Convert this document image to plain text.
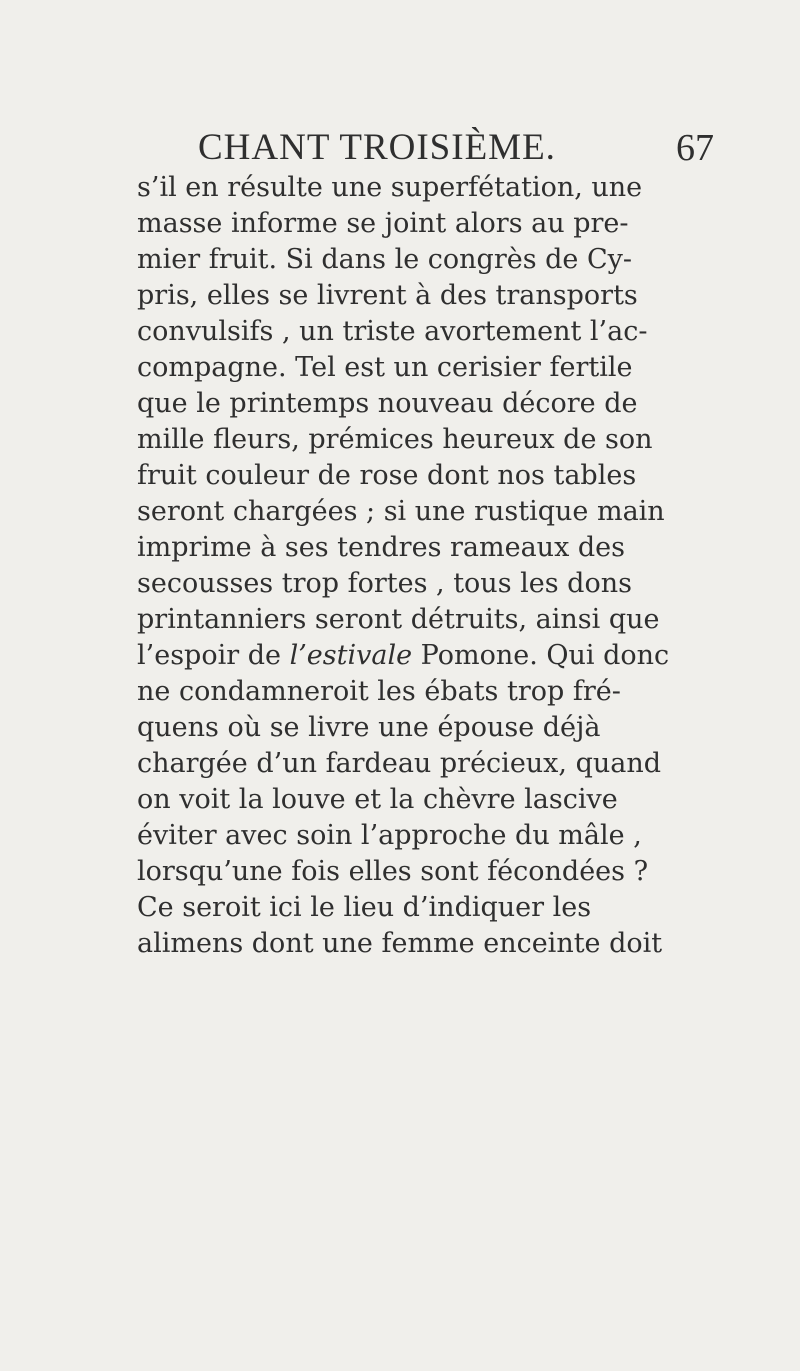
CHANT TROISIÈME.	67
s’il en résulte une superfétation, une
masse informe se joint alors au pre-
mier fruit. Si dans le congrès de Cy-
pris, elles se livrent à des transports
convulsifs , un triste avortement l’ac-
compagne. Tel est un cerisier fertile
que le printemps nouveau décore de
mille fleurs, prémices heureux de son
fruit couleur de rose dont nos tables
seront chargées ; si une rustique main
imprime à ses tendres rameaux des
secousses trop fortes , tous les dons
printanniers seront détruits, ainsi que
l’espoir de l’estivale Pomone. Qui donc
ne condamneroit les ébats trop fré-
quens où se livre une épouse déjà
chargée d’un fardeau précieux, quand
on voit la louve et la chèvre lascive
éviter avec soin l’approche du mâle ,
lorsqu’une fois elles sont fécondées ?
Ce seroit ici le lieu d’indiquer les
alimens dont une femme enceinte doit
